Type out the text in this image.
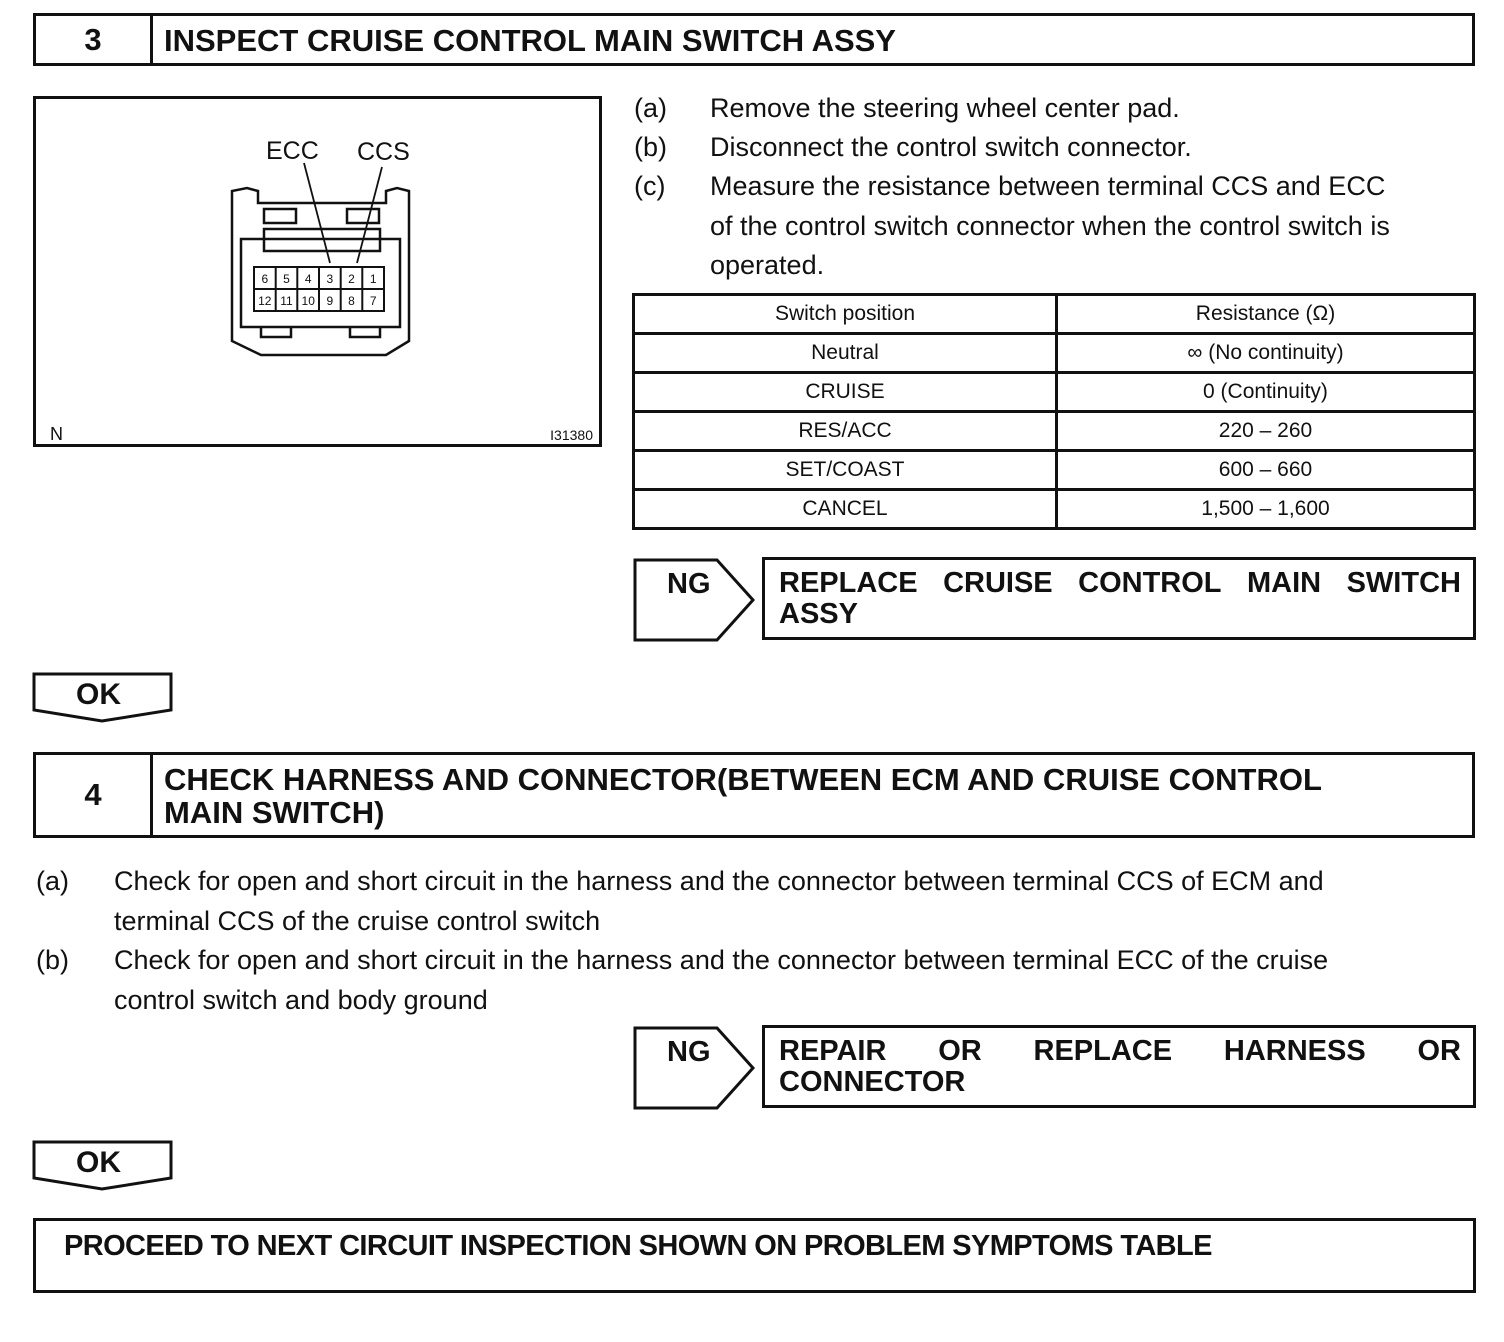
3	INSPECT CRUISE CONTROL MAIN SWITCH ASSY
6 5 4 3 2 1
12 11 10 9 8 7
ECC CCS
N	I31380
(a) Remove the steering wheel center pad.
(b) Disconnect the control switch connector.
(c) Measure the resistance between terminal CCS and ECC
of the control switch connector when the control switch is
operated.
Switch position	Resistance (Ω)
Neutral	∞ (No continuity)
CRUISE	0 (Continuity)
RES/ACC	220 – 260
SET/COAST	600 – 660
CANCEL	1,500 – 1,600
NG REPLACE CRUISE CONTROL MAIN SWITCH
ASSY
OK
4	CHECK HARNESS AND CONNECTOR(BETWEEN ECM AND CRUISE CONTROL
MAIN SWITCH)
(a) Check for open and short circuit in the harness and the connector between terminal CCS of ECM and
terminal CCS of the cruise control switch
(b) Check for open and short circuit in the harness and the connector between terminal ECC of the cruise
control switch and body ground
NG REPAIR OR REPLACE HARNESS OR
CONNECTOR
OK
PROCEED TO NEXT CIRCUIT INSPECTION SHOWN ON PROBLEM SYMPTOMS TABLE
